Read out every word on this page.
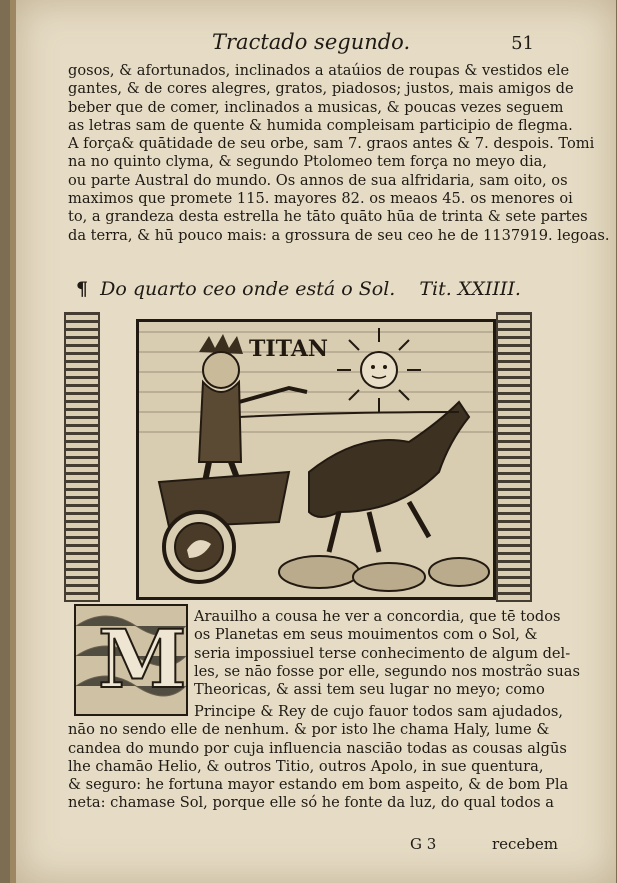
Tractado segundo.	51
gosos, & afortunados, inclinados a ataúios de roupas & vestidos ele
gantes, & de cores alegres, gratos, piadosos; justos, mais amigos de
beber que de comer, inclinados a musicas, & poucas vezes seguem
as letras sam de quente & humida compleisam participio de flegma.
A força& quātidade de seu orbe, sam 7. graos antes & 7. despois. Tomi
na no quinto clyma, & segundo Ptolomeo tem força no meyo dia,
ou parte Austral do mundo. Os annos de sua alfridaria, sam oito, os
maximos que promete 115. mayores 82. os meaos 45. os menores oi
to, a grandeza desta estrella he tāto quāto hūa de trinta & sete partes
da terra, & hū pouco mais: a grossura de seu ceo he de 1137919. legoas.
¶ Do quarto ceo onde está o Sol. Tit. XXIIII.
TITAN
M Arauilho a cousa he ver a concordia, que tē todos
os Planetas em seus mouimentos com o Sol, &
seria impossiuel terse conhecimento de algum del-
les, se nāo fosse por elle, segundo nos mostrão suas
Theoricas, & assi tem seu lugar no meyo; como
Principe & Rey de cujo fauor todos sam ajudados,
nāo no sendo elle de nenhum. & por isto lhe chama Haly, lume &
candea do mundo por cuja influencia nasciāo todas as cousas algūs
lhe chamāo Helio, & outros Titio, outros Apolo, in sue quentura,
& seguro: he fortuna mayor estando em bom aspeito, & de bom Pla
neta: chamase Sol, porque elle só he fonte da luz, do qual todos a
G 3	recebem
